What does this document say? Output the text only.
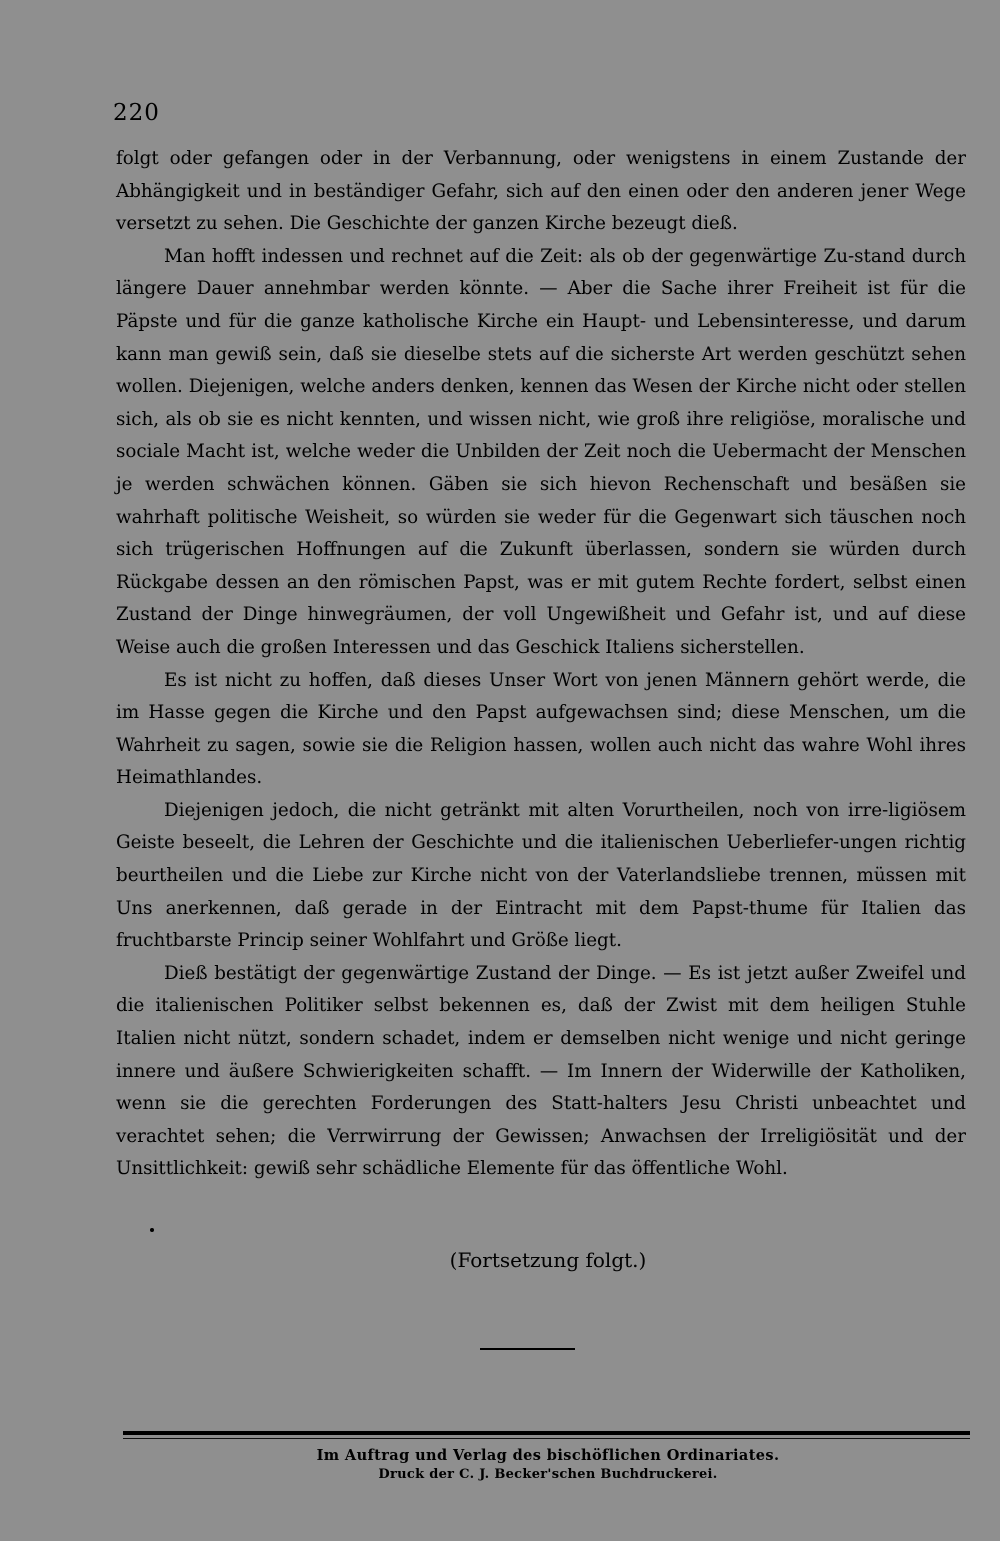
220

folgt oder gefangen oder in der Verbannung, oder wenigstens in einem Zustande der Abhängigkeit und in beständiger Gefahr, sich auf den einen oder den anderen jener Wege versetzt zu sehen. Die Geschichte der ganzen Kirche bezeugt dieß.

Man hofft indessen und rechnet auf die Zeit: als ob der gegenwärtige Zu-stand durch längere Dauer annehmbar werden könnte. — Aber die Sache ihrer Freiheit ist für die Päpste und für die ganze katholische Kirche ein Haupt- und Lebensinteresse, und darum kann man gewiß sein, daß sie dieselbe stets auf die sicherste Art werden geschützt sehen wollen. Diejenigen, welche anders denken, kennen das Wesen der Kirche nicht oder stellen sich, als ob sie es nicht kennten, und wissen nicht, wie groß ihre religiöse, moralische und sociale Macht ist, welche weder die Unbilden der Zeit noch die Uebermacht der Menschen je werden schwächen können. Gäben sie sich hievon Rechenschaft und besäßen sie wahrhaft politische Weisheit, so würden sie weder für die Gegenwart sich täuschen noch sich trügerischen Hoffnungen auf die Zukunft überlassen, sondern sie würden durch Rückgabe dessen an den römischen Papst, was er mit gutem Rechte fordert, selbst einen Zustand der Dinge hinwegräumen, der voll Ungewißheit und Gefahr ist, und auf diese Weise auch die großen Interessen und das Geschick Italiens sicherstellen.

Es ist nicht zu hoffen, daß dieses Unser Wort von jenen Männern gehört werde, die im Hasse gegen die Kirche und den Papst aufgewachsen sind; diese Menschen, um die Wahrheit zu sagen, sowie sie die Religion hassen, wollen auch nicht das wahre Wohl ihres Heimathlandes.

Diejenigen jedoch, die nicht getränkt mit alten Vorurtheilen, noch von irre-ligiösem Geiste beseelt, die Lehren der Geschichte und die italienischen Ueberliefer-ungen richtig beurtheilen und die Liebe zur Kirche nicht von der Vaterlandsliebe trennen, müssen mit Uns anerkennen, daß gerade in der Eintracht mit dem Papst-thume für Italien das fruchtbarste Princip seiner Wohlfahrt und Größe liegt.

Dieß bestätigt der gegenwärtige Zustand der Dinge. — Es ist jetzt außer Zweifel und die italienischen Politiker selbst bekennen es, daß der Zwist mit dem heiligen Stuhle Italien nicht nützt, sondern schadet, indem er demselben nicht wenige und nicht geringe innere und äußere Schwierigkeiten schafft. — Im Innern der Widerwille der Katholiken, wenn sie die gerechten Forderungen des Statt-halters Jesu Christi unbeachtet und verachtet sehen; die Verrwirrung der Gewissen; Anwachsen der Irreligiösität und der Unsittlichkeit: gewiß sehr schädliche Elemente für das öffentliche Wohl.

(Fortsetzung folgt.)
Im Auftrag und Verlag des bischöflichen Ordinariates.
Druck der C. J. Becker'schen Buchdruckerei.
